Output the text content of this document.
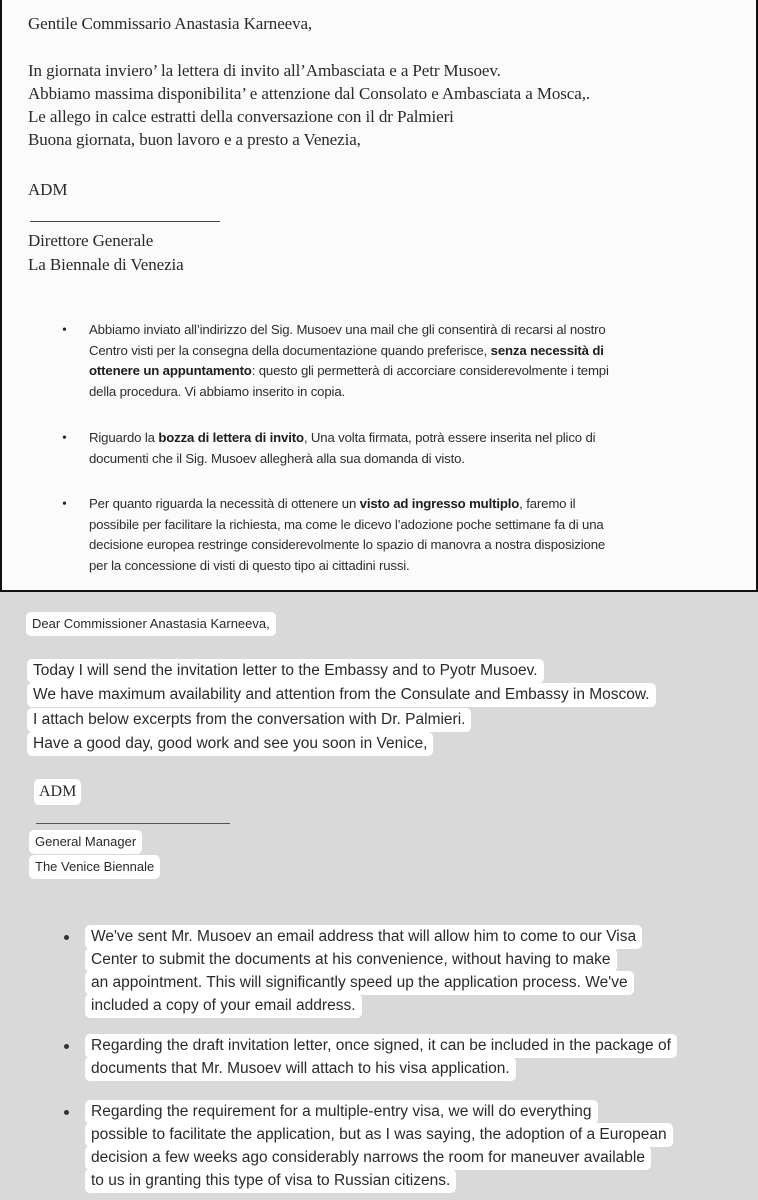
Gentile Commissario Anastasia Karneeva,
In giornata inviero’ la lettera di invito all’Ambasciata e a Petr Musoev.
Abbiamo massima disponibilita’ e attenzione dal Consolato e Ambasciata a Mosca,.
Le allego in calce estratti della conversazione con il dr Palmieri
Buona giornata, buon lavoro e a presto a Venezia,
ADM
Direttore Generale
La Biennale di Venezia
• Abbiamo inviato all’indirizzo del Sig. Musoev una mail che gli consentirà di recarsi al nostro
Centro visti per la consegna della documentazione quando preferisce, senza necessità di
ottenere un appuntamento: questo gli permetterà di accorciare considerevolmente i tempi
della procedura. Vi abbiamo inserito in copia.
• Riguardo la bozza di lettera di invito, Una volta firmata, potrà essere inserita nel plico di
documenti che il Sig. Musoev allegherà alla sua domanda di visto.
• Per quanto riguarda la necessità di ottenere un visto ad ingresso multiplo, faremo il
possibile per facilitare la richiesta, ma come le dicevo l’adozione poche settimane fa di una
decisione europea restringe considerevolmente lo spazio di manovra a nostra disposizione
per la concessione di visti di questo tipo ai cittadini russi.
Dear Commissioner Anastasia Karneeva,
Today I will send the invitation letter to the Embassy and to Pyotr Musoev.
We have maximum availability and attention from the Consulate and Embassy in Moscow.
I attach below excerpts from the conversation with Dr. Palmieri.
Have a good day, good work and see you soon in Venice,
ADM
General Manager
The Venice Biennale
We've sent Mr. Musoev an email address that will allow him to come to our Visa
Center to submit the documents at his convenience, without having to make
an appointment. This will significantly speed up the application process. We've
included a copy of your email address.
Regarding the draft invitation letter, once signed, it can be included in the package of
documents that Mr. Musoev will attach to his visa application.
Regarding the requirement for a multiple-entry visa, we will do everything
possible to facilitate the application, but as I was saying, the adoption of a European
decision a few weeks ago considerably narrows the room for maneuver available
to us in granting this type of visa to Russian citizens.
